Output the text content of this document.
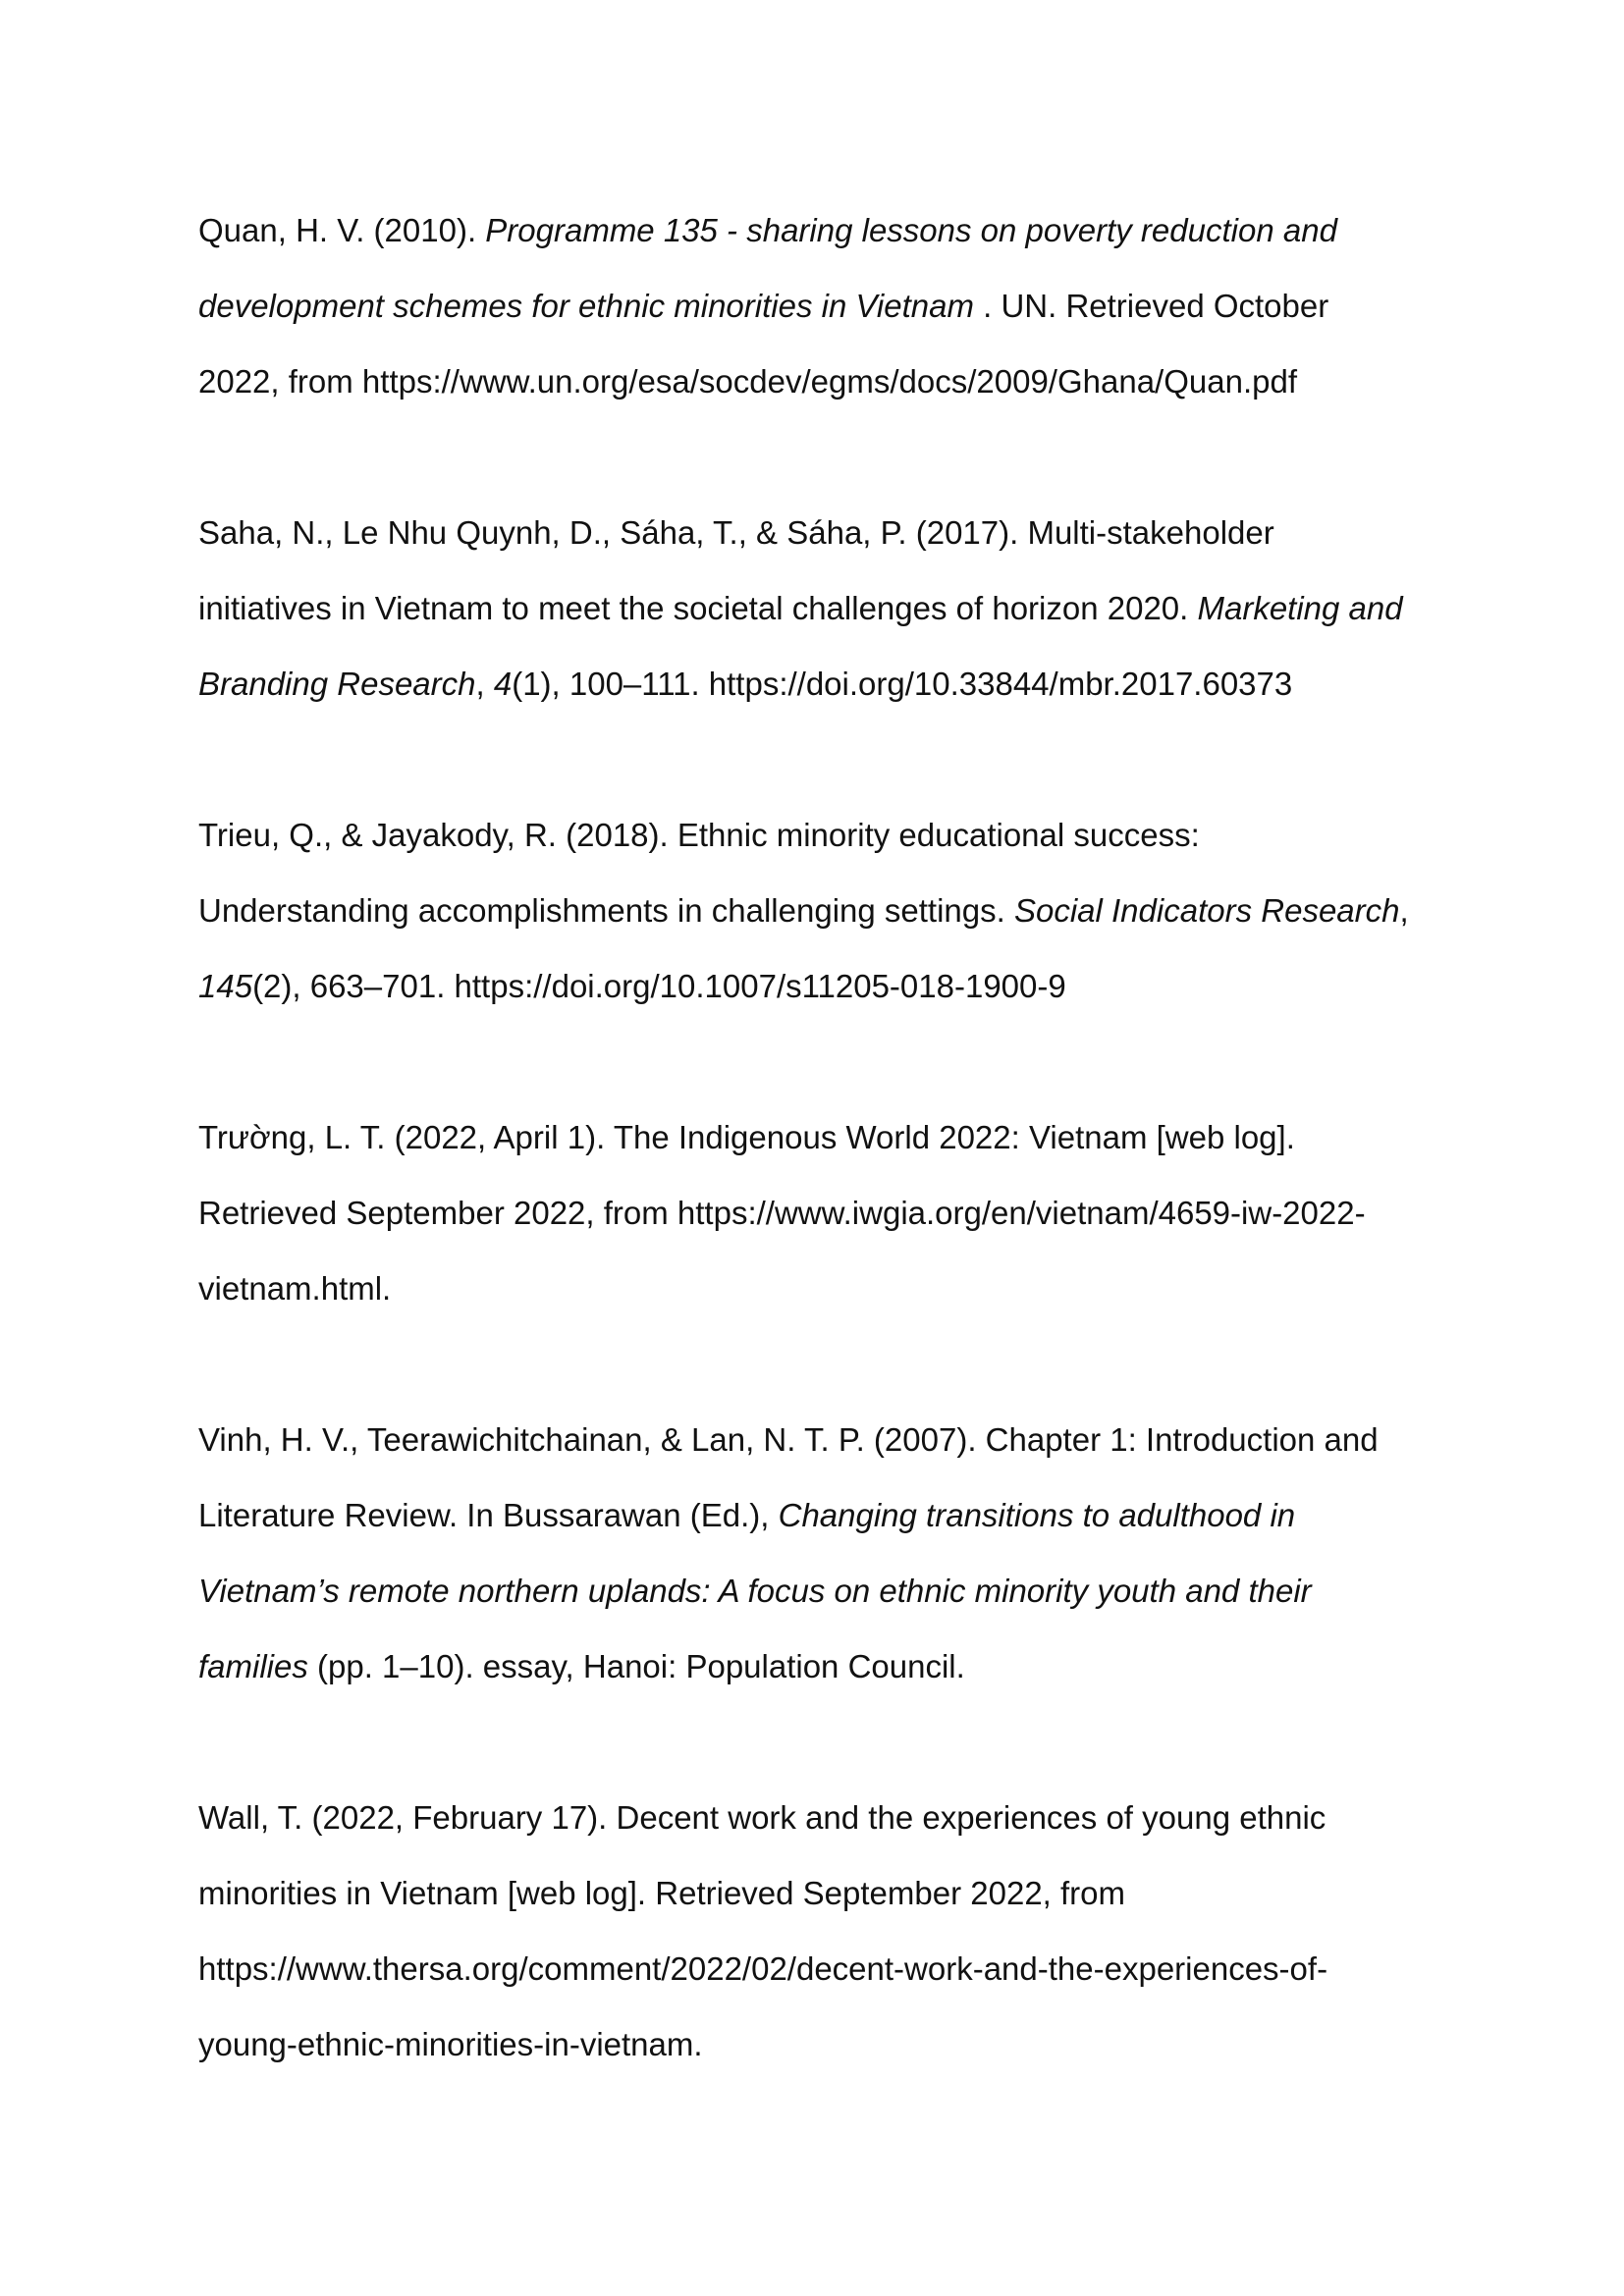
Quan, H. V. (2010). Programme 135 - sharing lessons on poverty reduction and
development schemes for ethnic minorities in Vietnam . UN. Retrieved October
2022, from https://www.un.org/esa/socdev/egms/docs/2009/Ghana/Quan.pdf

Saha, N., Le Nhu Quynh, D., Sáha, T., & Sáha, P. (2017). Multi-stakeholder
initiatives in Vietnam to meet the societal challenges of horizon 2020. Marketing and
Branding Research, 4(1), 100–111. https://doi.org/10.33844/mbr.2017.60373

Trieu, Q., & Jayakody, R. (2018). Ethnic minority educational success:
Understanding accomplishments in challenging settings. Social Indicators Research,
145(2), 663–701. https://doi.org/10.1007/s11205-018-1900-9

Trường, L. T. (2022, April 1). The Indigenous World 2022: Vietnam [web log].
Retrieved September 2022, from https://www.iwgia.org/en/vietnam/4659-iw-2022-
vietnam.html.

Vinh, H. V., Teerawichitchainan, & Lan, N. T. P. (2007). Chapter 1: Introduction and
Literature Review. In Bussarawan (Ed.), Changing transitions to adulthood in
Vietnam’s remote northern uplands: A focus on ethnic minority youth and their
families (pp. 1–10). essay, Hanoi: Population Council.

Wall, T. (2022, February 17). Decent work and the experiences of young ethnic
minorities in Vietnam [web log]. Retrieved September 2022, from
https://www.thersa.org/comment/2022/02/decent-work-and-the-experiences-of-
young-ethnic-minorities-in-vietnam.
